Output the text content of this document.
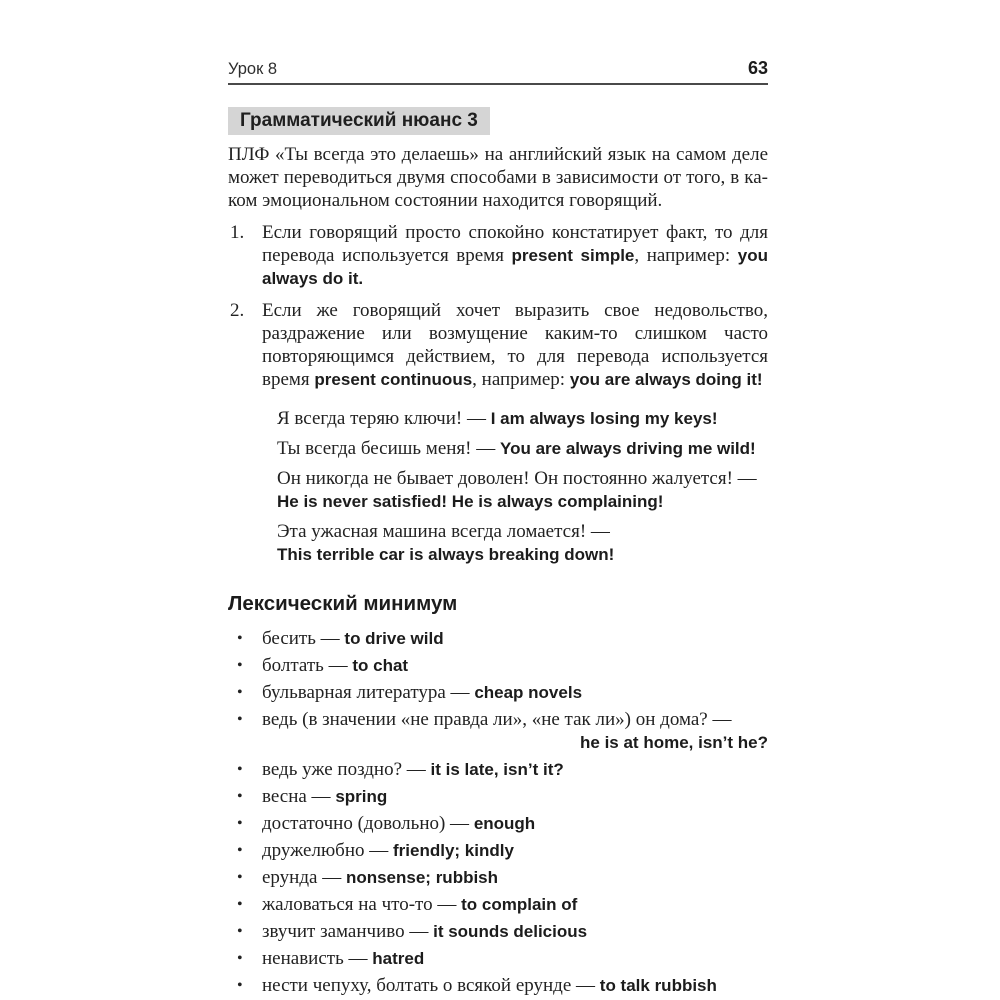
Урок 8	63
Грамматический нюанс 3

ПЛФ «Ты всегда это делаешь» на английский язык на самом деле может переводиться двумя способами в зависимости от того, в каком эмоциональном состоянии находится говорящий.

1. Если говорящий просто спокойно констатирует факт, то для перевода используется время present simple, например: you always do it.
2. Если же говорящий хочет выразить свое недовольство, раздражение или возмущение каким-то слишком часто повторяющимся действием, то для перевода используется время present continuous, например: you are always doing it!
Я всегда теряю ключи! — I am always losing my keys!
Ты всегда бесишь меня! — You are always driving me wild!
Он никогда не бывает доволен! Он постоянно жалуется! — He is never satisfied! He is always complaining!
Эта ужасная машина всегда ломается! — This terrible car is always breaking down!
Лексический минимум
• бесить — to drive wild
• болтать — to chat
• бульварная литература — cheap novels
• ведь (в значении «не правда ли», «не так ли») он дома? —
he is at home, isn’t he?
• ведь уже поздно? — it is late, isn’t it?
• весна — spring
• достаточно (довольно) — enough
• дружелюбно — friendly; kindly
• ерунда — nonsense; rubbish
• жаловаться на что-то — to complain of
• звучит заманчиво — it sounds delicious
• ненависть — hatred
• нести чепуху, болтать о всякой ерунде — to talk rubbish
